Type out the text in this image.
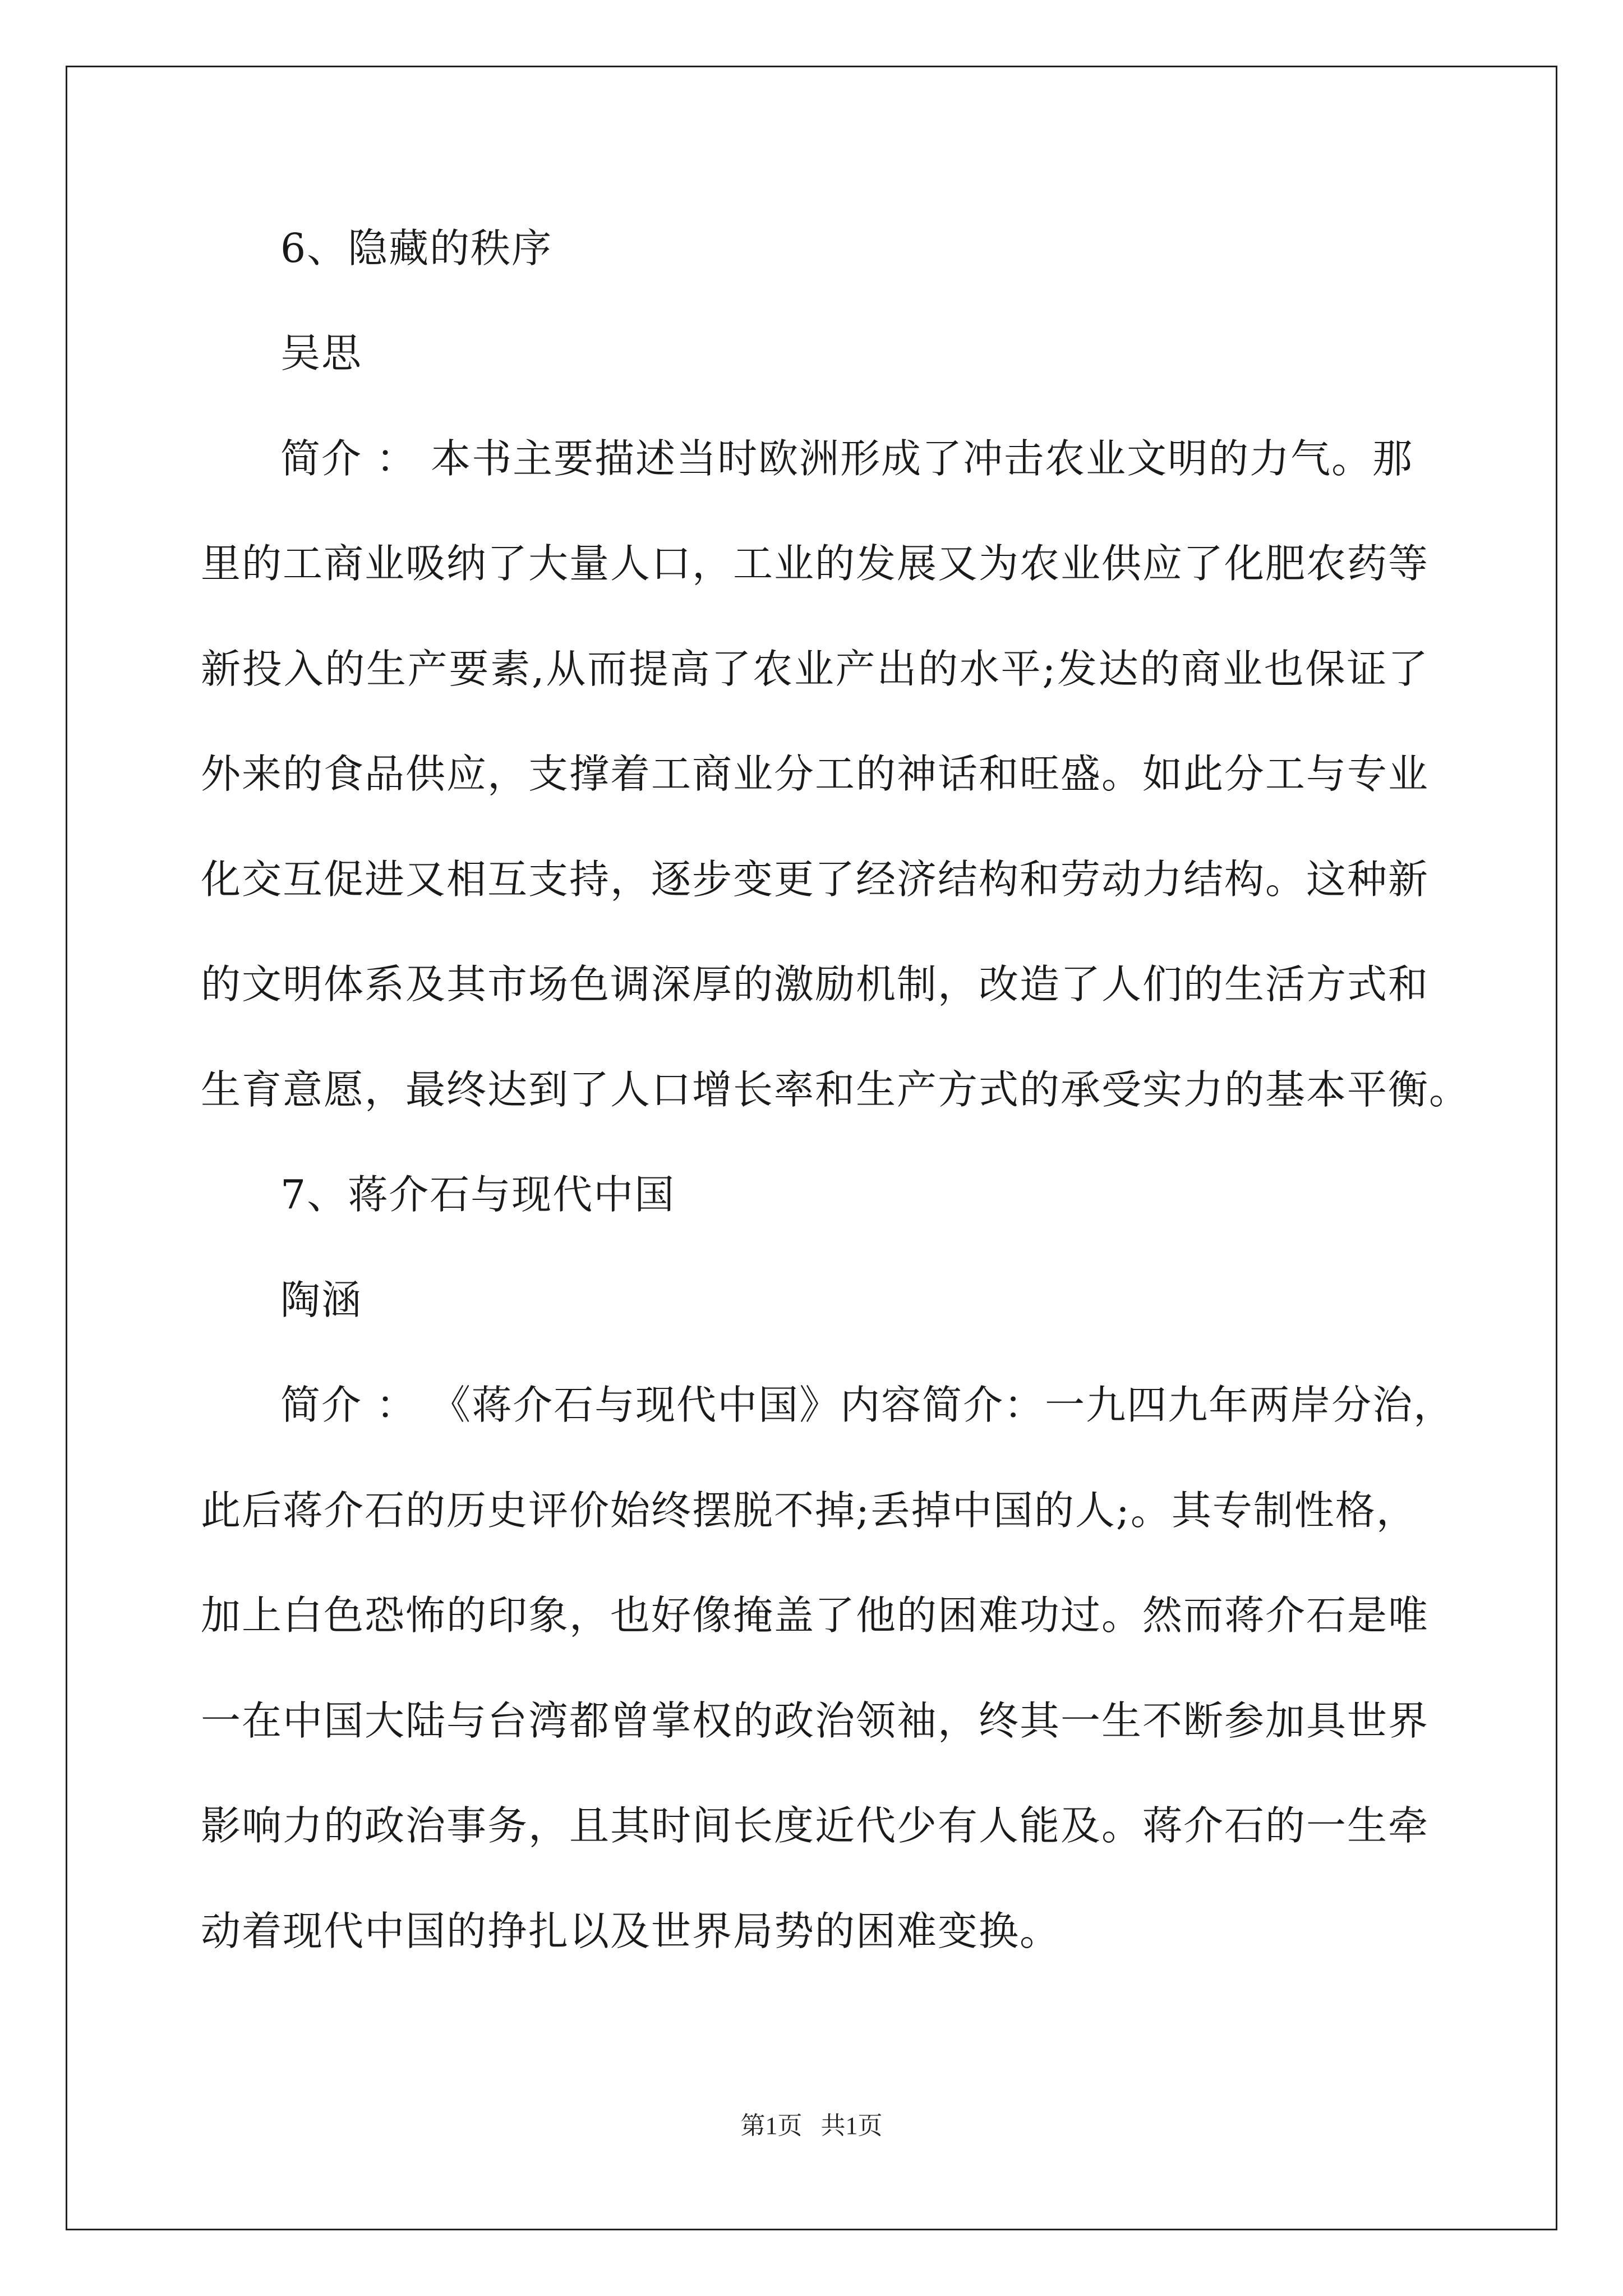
6、隐藏的秩序
吴思
简介 ： 本书主要描述当时欧洲形成了冲击农业文明的力气。那
里的工商业吸纳了大量人口，工业的发展又为农业供应了化肥农药等
新投入的生产要素,从而提高了农业产出的水平;发达的商业也保证了
外来的食品供应，支撑着工商业分工的神话和旺盛。如此分工与专业
化交互促进又相互支持，逐步变更了经济结构和劳动力结构。这种新
的文明体系及其市场色调深厚的激励机制，改造了人们的生活方式和
生育意愿，最终达到了人口增长率和生产方式的承受实力的基本平衡。
7、蒋介石与现代中国
陶涵
简介 ： 《蒋介石与现代中国》内容简介：一九四九年两岸分治，
此后蒋介石的历史评价始终摆脱不掉;丢掉中国的人;。其专制性格，
加上白色恐怖的印象，也好像掩盖了他的困难功过。然而蒋介石是唯
一在中国大陆与台湾都曾掌权的政治领袖，终其一生不断参加具世界
影响力的政治事务，且其时间长度近代少有人能及。蒋介石的一生牵
动着现代中国的挣扎以及世界局势的困难变换。
第1页   共1页
